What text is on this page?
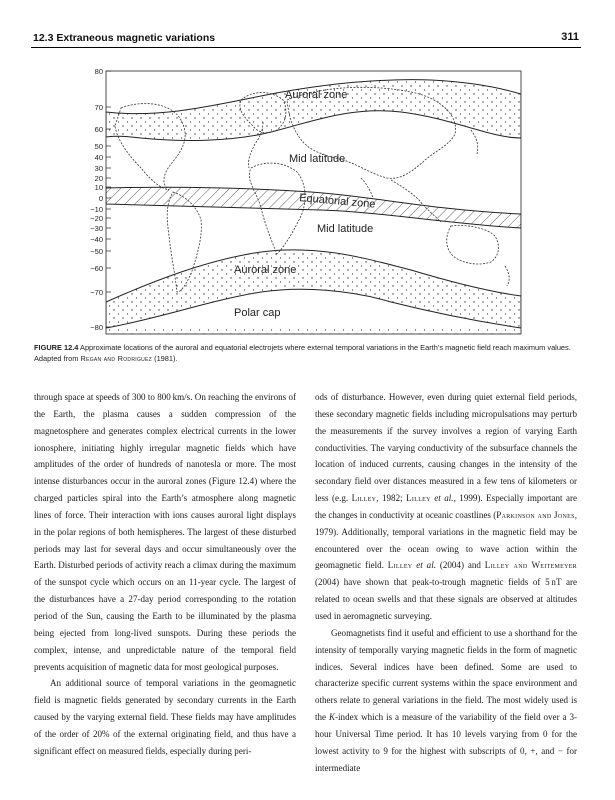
12.3 Extraneous magnetic variations	311
80
70
60
50
40
30
20
10
0
−10
−20
−30
−40
−50
−60
−70
−80
Auroral zone
Mid latitude
Equatorial zone
Mid latitude
Auroral zone
Polar cap
FIGURE 12.4 Approximate locations of the auroral and equatorial electrojets where external temporal variations in the Earth’s magnetic field reach maximum values. Adapted from Regan and Rodriguez (1981).

through space at speeds of 300 to 800 km/s. On reaching the environs of the Earth, the plasma causes a sudden compression of the magnetosphere and generates complex electrical currents in the lower ionosphere, initiating highly irregular magnetic fields which have amplitudes of the order of hundreds of nanotesla or more. The most intense disturbances occur in the auroral zones (Figure 12.4) where the charged particles spiral into the Earth’s atmosphere along magnetic lines of force. Their interaction with ions causes auroral light displays in the polar regions of both hemispheres. The largest of these disturbed periods may last for several days and occur simultaneously over the Earth. Disturbed periods of activity reach a climax during the maximum of the sunspot cycle which occurs on an 11-year cycle. The largest of the disturbances have a 27-day period corresponding to the rotation period of the Sun, causing the Earth to be illuminated by the plasma being ejected from long-lived sunspots. During these periods the complex, intense, and unpredictable nature of the temporal field prevents acquisition of magnetic data for most geological purposes.

An additional source of temporal variations in the geomagnetic field is magnetic fields generated by secondary currents in the Earth caused by the varying external field. These fields may have amplitudes of the order of 20% of the external originating field, and thus have a significant effect on measured fields, especially during peri-

ods of disturbance. However, even during quiet external field periods, these secondary magnetic fields including micropulsations may perturb the measurements if the survey involves a region of varying Earth conductivities. The varying conductivity of the subsurface channels the location of induced currents, causing changes in the intensity of the secondary field over distances measured in a few tens of kilometers or less (e.g. Lilley, 1982; Lilley et al., 1999). Especially important are the changes in conductivity at oceanic coastlines (Parkinson and Jones, 1979). Additionally, temporal variations in the magnetic field may be encountered over the ocean owing to wave action within the geomagnetic field. Lilley et al. (2004) and Lilley and Weitemeyer (2004) have shown that peak-to-trough magnetic fields of 5 nT are related to ocean swells and that these signals are observed at altitudes used in aeromagnetic surveying.

Geomagnetists find it useful and efficient to use a shorthand for the intensity of temporally varying magnetic fields in the form of magnetic indices. Several indices have been defined. Some are used to characterize specific current systems within the space environment and others relate to general variations in the field. The most widely used is the K-index which is a measure of the variability of the field over a 3-hour Universal Time period. It has 10 levels varying from 0 for the lowest activity to 9 for the highest with subscripts of 0, +, and − for intermediate
